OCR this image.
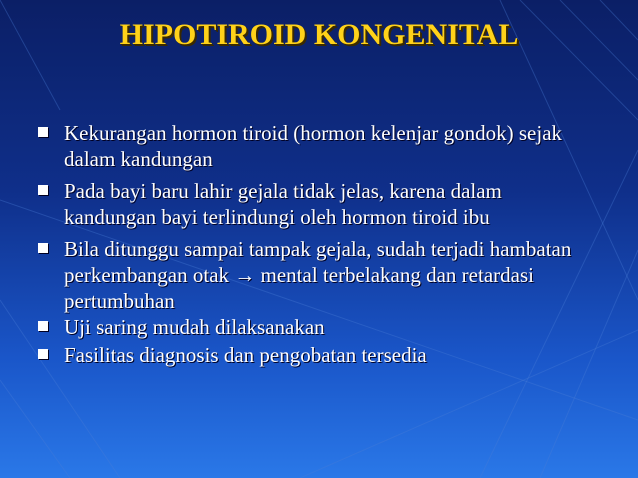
HIPOTIROID KONGENITAL
Kekurangan hormon tiroid (hormon kelenjar gondok) sejak dalam kandungan
Pada bayi baru lahir gejala tidak jelas, karena dalam kandungan bayi terlindungi oleh hormon tiroid ibu
Bila ditunggu sampai tampak gejala, sudah terjadi hambatan perkembangan otak → mental terbelakang dan retardasi pertumbuhan
Uji saring mudah dilaksanakan
Fasilitas diagnosis dan pengobatan tersedia
